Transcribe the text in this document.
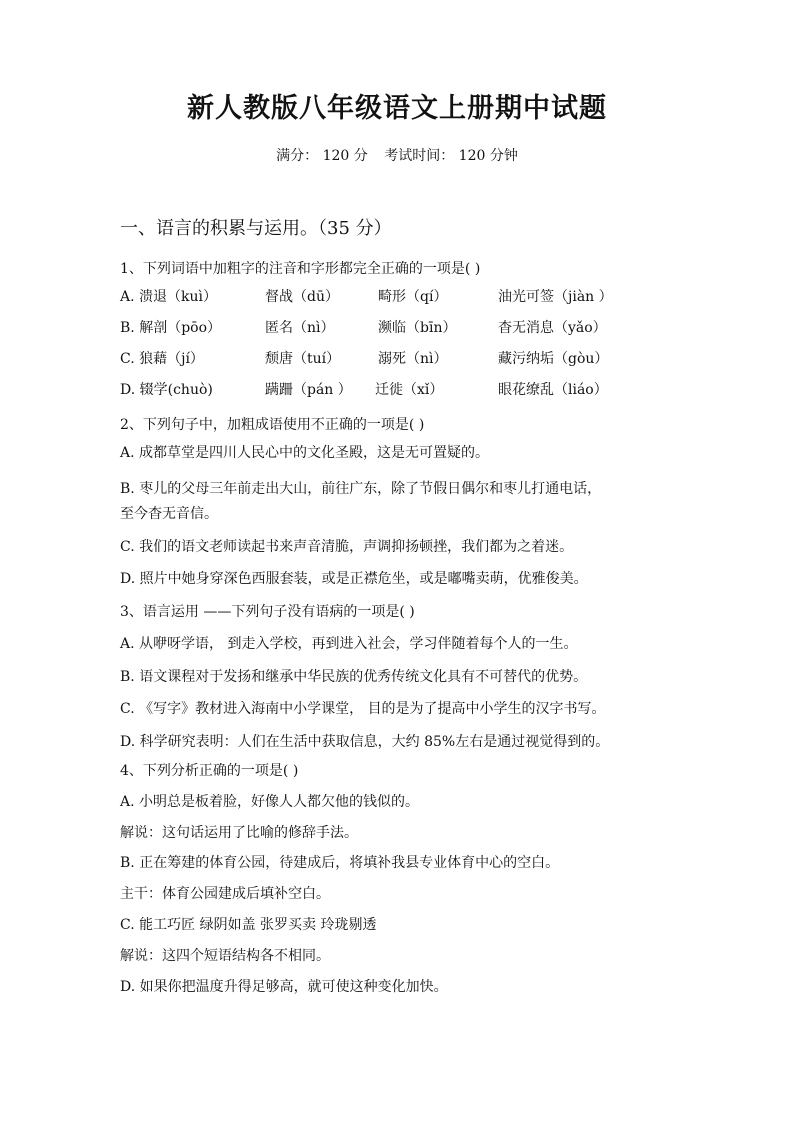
新人教版八年级语文上册期中试题
满分： 120 分 考试时间： 120 分钟
一、语言的积累与运用。（35 分）
1、下列词语中加粗字的注音和字形都完全正确的一项是( )
A. 溃退（kuì）	督战（dū）	畸形（qí）	油光可签（jiàn ）
B. 解剖（pōo）	匿名（nì）	濒临（bīn）	杳无消息（yǎo）
C. 狼藉（jí）	颓唐（tuí）	溺死（nì）	藏污纳垢（gòu）
D. 辍学(chuò)	蹒跚（pán ） 迁徙（xǐ）	眼花缭乱（liáo）
2、下列句子中，加粗成语使用不正确的一项是( )
A. 成都草堂是四川人民心中的文化圣殿，这是无可置疑的。
B. 枣儿的父母三年前走出大山，前往广东，除了节假日偶尔和枣儿打通电话，
至今杳无音信。
C. 我们的语文老师读起书来声音清脆，声调抑扬顿挫，我们都为之着迷。
D. 照片中她身穿深色西服套装，或是正襟危坐，或是嘟嘴卖萌，优雅俊美。
3、语言运用 ——下列句子没有语病的一项是( )
A. 从咿呀学语， 到走入学校，再到进入社会，学习伴随着每个人的一生。
B. 语文课程对于发扬和继承中华民族的优秀传统文化具有不可替代的优势。
C. 《写字》教材进入海南中小学课堂， 目的是为了提高中小学生的汉字书写。
D. 科学研究表明：人们在生活中获取信息，大约 85%左右是通过视觉得到的。
4、下列分析正确的一项是( )
A. 小明总是板着脸，好像人人都欠他的钱似的。
解说：这句话运用了比喻的修辞手法。
B. 正在筹建的体育公园，待建成后，将填补我县专业体育中心的空白。
主干：体育公园建成后填补空白。
C. 能工巧匠 绿阴如盖 张罗买卖 玲珑剔透
解说：这四个短语结构各不相同。
D. 如果你把温度升得足够高，就可使这种变化加快。
